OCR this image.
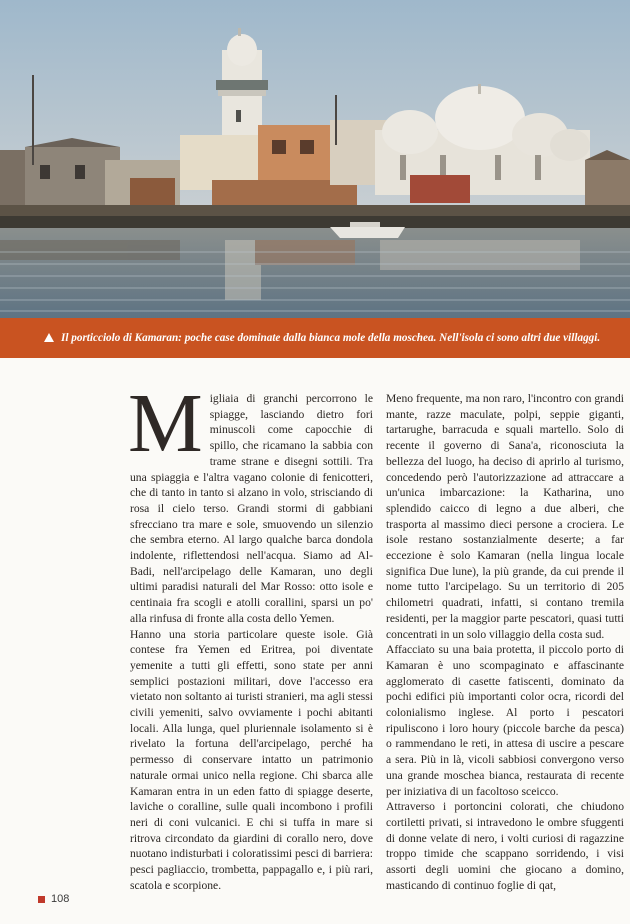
Il porticciolo di Kamaran: poche case dominate dalla bianca mole della moschea. Nell'isola ci sono altri due villaggi.

Migliaia di granchi percorrono le spiagge, lasciando dietro fori minuscoli come capocchie di spillo, che ricamano la sabbia con trame strane e disegni sottili. Tra una spiaggia e l'altra vagano colonie di fenicotteri, che di tanto in tanto si alzano in volo, strisciando di rosa il cielo terso. Grandi stormi di gabbiani sfrecciano tra mare e sole, smuovendo un silenzio che sembra eterno. Al largo qualche barca dondola indolente, riflettendosi nell'acqua. Siamo ad Al-Badi, nell'arcipelago delle Kamaran, uno degli ultimi paradisi naturali del Mar Rosso: otto isole e centinaia fra scogli e atolli corallini, sparsi un po' alla rinfusa di fronte alla costa dello Yemen.

Hanno una storia particolare queste isole. Già contese fra Yemen ed Eritrea, poi diventate yemenite a tutti gli effetti, sono state per anni semplici postazioni militari, dove l'accesso era vietato non soltanto ai turisti stranieri, ma agli stessi civili yemeniti, salvo ovviamente i pochi abitanti locali. Alla lunga, quel pluriennale isolamento si è rivelato la fortuna dell'arcipelago, perché ha permesso di conservare intatto un patrimonio naturale ormai unico nella regione. Chi sbarca alle Kamaran entra in un eden fatto di spiagge deserte, laviche o coralline, sulle quali incombono i profili neri di coni vulcanici. E chi si tuffa in mare si ritrova circondato da giardini di corallo nero, dove nuotano indisturbati i coloratissimi pesci di barriera: pesci pagliaccio, trombetta, pappagallo e, i più rari, scatola e scorpione.

Meno frequente, ma non raro, l'incontro con grandi mante, razze maculate, polpi, seppie giganti, tartarughe, barracuda e squali martello. Solo di recente il governo di Sana'a, riconosciuta la bellezza del luogo, ha deciso di aprirlo al turismo, concedendo però l'autorizzazione ad attraccare a un'unica imbarcazione: la Katharina, uno splendido caicco di legno a due alberi, che trasporta al massimo dieci persone a crociera. Le isole restano sostanzialmente deserte; a far eccezione è solo Kamaran (nella lingua locale significa Due lune), la più grande, da cui prende il nome tutto l'arcipelago. Su un territorio di 205 chilometri quadrati, infatti, si contano tremila residenti, per la maggior parte pescatori, quasi tutti concentrati in un solo villaggio della costa sud.

Affacciato su una baia protetta, il piccolo porto di Kamaran è uno scompaginato e affascinante agglomerato di casette fatiscenti, dominato da pochi edifici più importanti color ocra, ricordi del colonialismo inglese. Al porto i pescatori ripuliscono i loro houry (piccole barche da pesca) o rammendano le reti, in attesa di uscire a pescare a sera. Più in là, vicoli sabbiosi convergono verso una grande moschea bianca, restaurata di recente per iniziativa di un facoltoso sceicco.

Attraverso i portoncini colorati, che chiudono cortiletti privati, si intravedono le ombre sfuggenti di donne velate di nero, i volti curiosi di ragazzine troppo timide che scappano sorridendo, i visi assorti degli uomini che giocano a domino, masticando di continuo foglie di qat,

108
